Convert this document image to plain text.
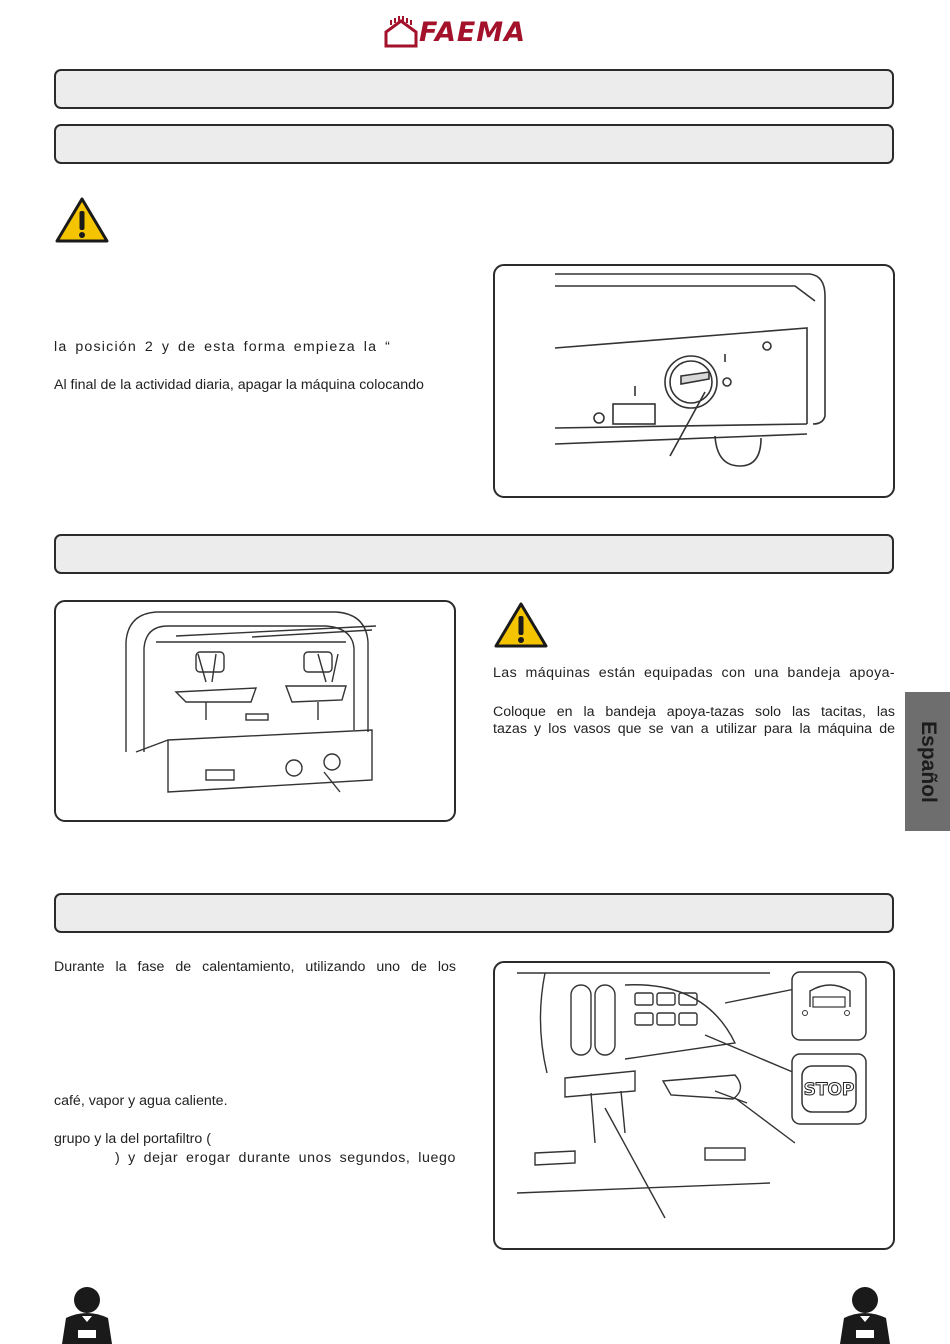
FAEMA
la posición 2 y de esta forma empieza la “
Al final de la actividad diaria, apagar la máquina colocando
Las máquinas están equipadas con una bandeja apoya-
Coloque en la bandeja apoya-tazas solo las tacitas, las
tazas y los vasos que se van a utilizar para la máquina de Español
Durante la fase de calentamiento, utilizando uno de los
café, vapor y agua caliente.
grupo y la del portafiltro (
) y dejar erogar durante unos segundos, luego
STOP
